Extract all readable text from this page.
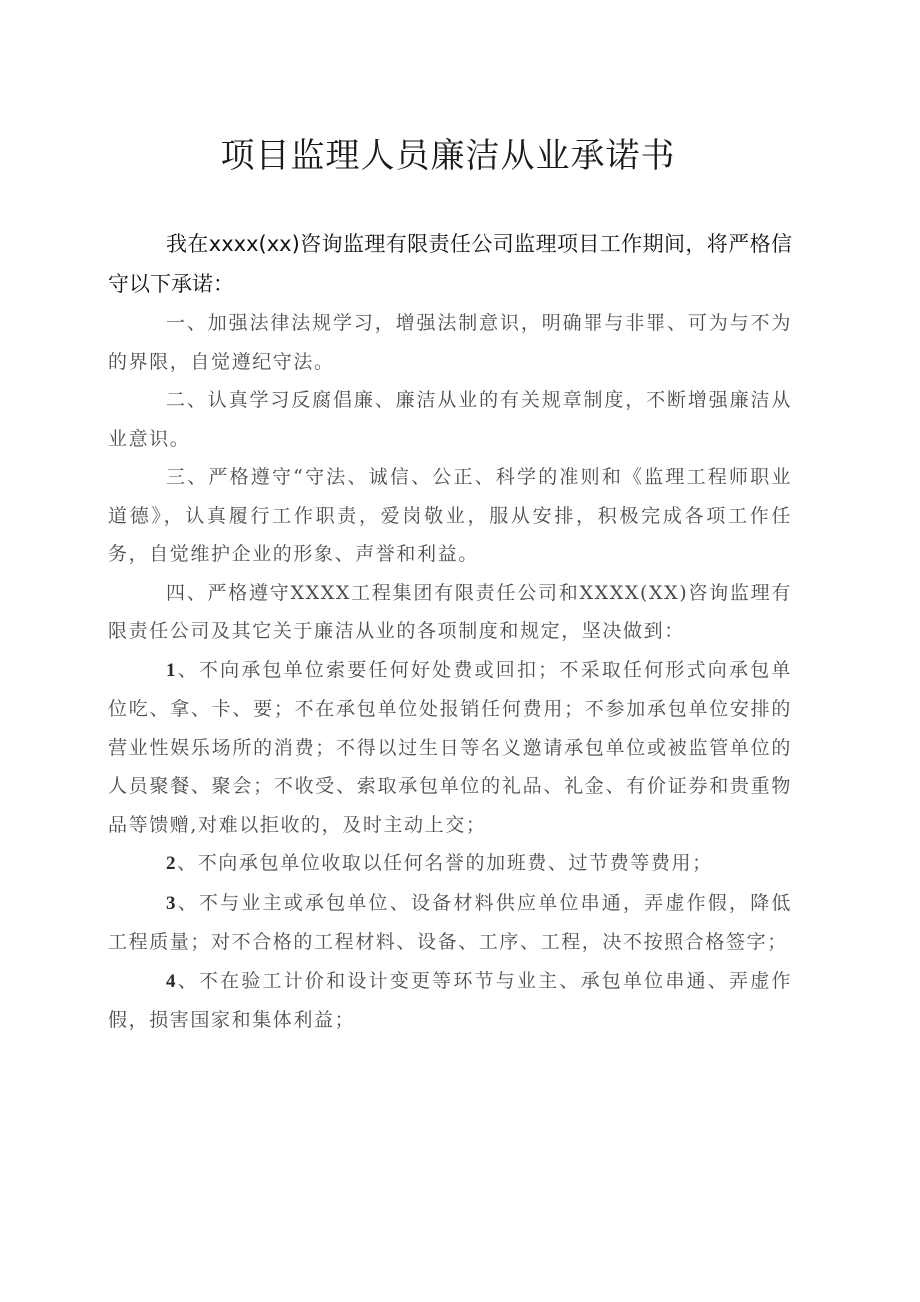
项目监理人员廉洁从业承诺书
我在xxxx(xx)咨询监理有限责任公司监理项目工作期间，将严格信守以下承诺：

一、加强法律法规学习，增强法制意识，明确罪与非罪、可为与不为的界限，自觉遵纪守法。

二、认真学习反腐倡廉、廉洁从业的有关规章制度，不断增强廉洁从业意识。

三、严格遵守“守法、诚信、公正、科学的准则和《监理工程师职业道德》，认真履行工作职责，爱岗敬业，服从安排，积极完成各项工作任务，自觉维护企业的形象、声誉和利益。

四、严格遵守XXXX工程集团有限责任公司和XXXX(XX)咨询监理有限责任公司及其它关于廉洁从业的各项制度和规定，坚决做到：

1、不向承包单位索要任何好处费或回扣；不采取任何形式向承包单位吃、拿、卡、要；不在承包单位处报销任何费用；不参加承包单位安排的营业性娱乐场所的消费；不得以过生日等名义邀请承包单位或被监管单位的人员聚餐、聚会；不收受、索取承包单位的礼品、礼金、有价证券和贵重物品等馈赠,对难以拒收的，及时主动上交；

2、不向承包单位收取以任何名誉的加班费、过节费等费用；

3、不与业主或承包单位、设备材料供应单位串通，弄虚作假，降低工程质量；对不合格的工程材料、设备、工序、工程，决不按照合格签字；

4、不在验工计价和设计变更等环节与业主、承包单位串通、弄虚作假，损害国家和集体利益；
